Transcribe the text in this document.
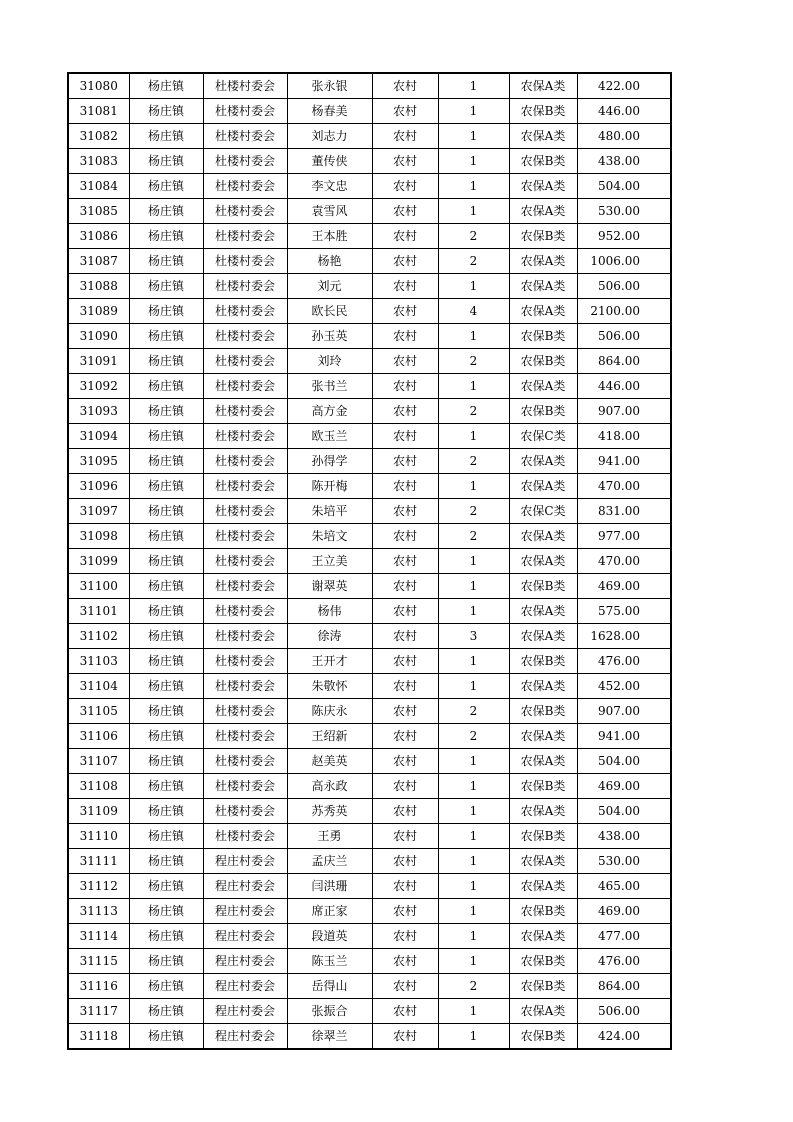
31080	杨庄镇	杜楼村委会	张永银	农村	1	农保A类	422.00
31081	杨庄镇	杜楼村委会	杨春美	农村	1	农保B类	446.00
31082	杨庄镇	杜楼村委会	刘志力	农村	1	农保A类	480.00
31083	杨庄镇	杜楼村委会	董传侠	农村	1	农保B类	438.00
31084	杨庄镇	杜楼村委会	李文忠	农村	1	农保A类	504.00
31085	杨庄镇	杜楼村委会	袁雪风	农村	1	农保A类	530.00
31086	杨庄镇	杜楼村委会	王本胜	农村	2	农保B类	952.00
31087	杨庄镇	杜楼村委会	杨艳	农村	2	农保A类	1006.00
31088	杨庄镇	杜楼村委会	刘元	农村	1	农保A类	506.00
31089	杨庄镇	杜楼村委会	欧长民	农村	4	农保A类	2100.00
31090	杨庄镇	杜楼村委会	孙玉英	农村	1	农保B类	506.00
31091	杨庄镇	杜楼村委会	刘玲	农村	2	农保B类	864.00
31092	杨庄镇	杜楼村委会	张书兰	农村	1	农保A类	446.00
31093	杨庄镇	杜楼村委会	高方金	农村	2	农保B类	907.00
31094	杨庄镇	杜楼村委会	欧玉兰	农村	1	农保C类	418.00
31095	杨庄镇	杜楼村委会	孙得学	农村	2	农保A类	941.00
31096	杨庄镇	杜楼村委会	陈开梅	农村	1	农保A类	470.00
31097	杨庄镇	杜楼村委会	朱培平	农村	2	农保C类	831.00
31098	杨庄镇	杜楼村委会	朱培文	农村	2	农保A类	977.00
31099	杨庄镇	杜楼村委会	王立美	农村	1	农保A类	470.00
31100	杨庄镇	杜楼村委会	谢翠英	农村	1	农保B类	469.00
31101	杨庄镇	杜楼村委会	杨伟	农村	1	农保A类	575.00
31102	杨庄镇	杜楼村委会	徐涛	农村	3	农保A类	1628.00
31103	杨庄镇	杜楼村委会	王开才	农村	1	农保B类	476.00
31104	杨庄镇	杜楼村委会	朱敬怀	农村	1	农保A类	452.00
31105	杨庄镇	杜楼村委会	陈庆永	农村	2	农保B类	907.00
31106	杨庄镇	杜楼村委会	王绍新	农村	2	农保A类	941.00
31107	杨庄镇	杜楼村委会	赵美英	农村	1	农保A类	504.00
31108	杨庄镇	杜楼村委会	高永政	农村	1	农保B类	469.00
31109	杨庄镇	杜楼村委会	苏秀英	农村	1	农保A类	504.00
31110	杨庄镇	杜楼村委会	王勇	农村	1	农保B类	438.00
31111	杨庄镇	程庄村委会	孟庆兰	农村	1	农保A类	530.00
31112	杨庄镇	程庄村委会	闫洪珊	农村	1	农保A类	465.00
31113	杨庄镇	程庄村委会	席正家	农村	1	农保B类	469.00
31114	杨庄镇	程庄村委会	段道英	农村	1	农保A类	477.00
31115	杨庄镇	程庄村委会	陈玉兰	农村	1	农保B类	476.00
31116	杨庄镇	程庄村委会	岳得山	农村	2	农保B类	864.00
31117	杨庄镇	程庄村委会	张振合	农村	1	农保A类	506.00
31118	杨庄镇	程庄村委会	徐翠兰	农村	1	农保B类	424.00
